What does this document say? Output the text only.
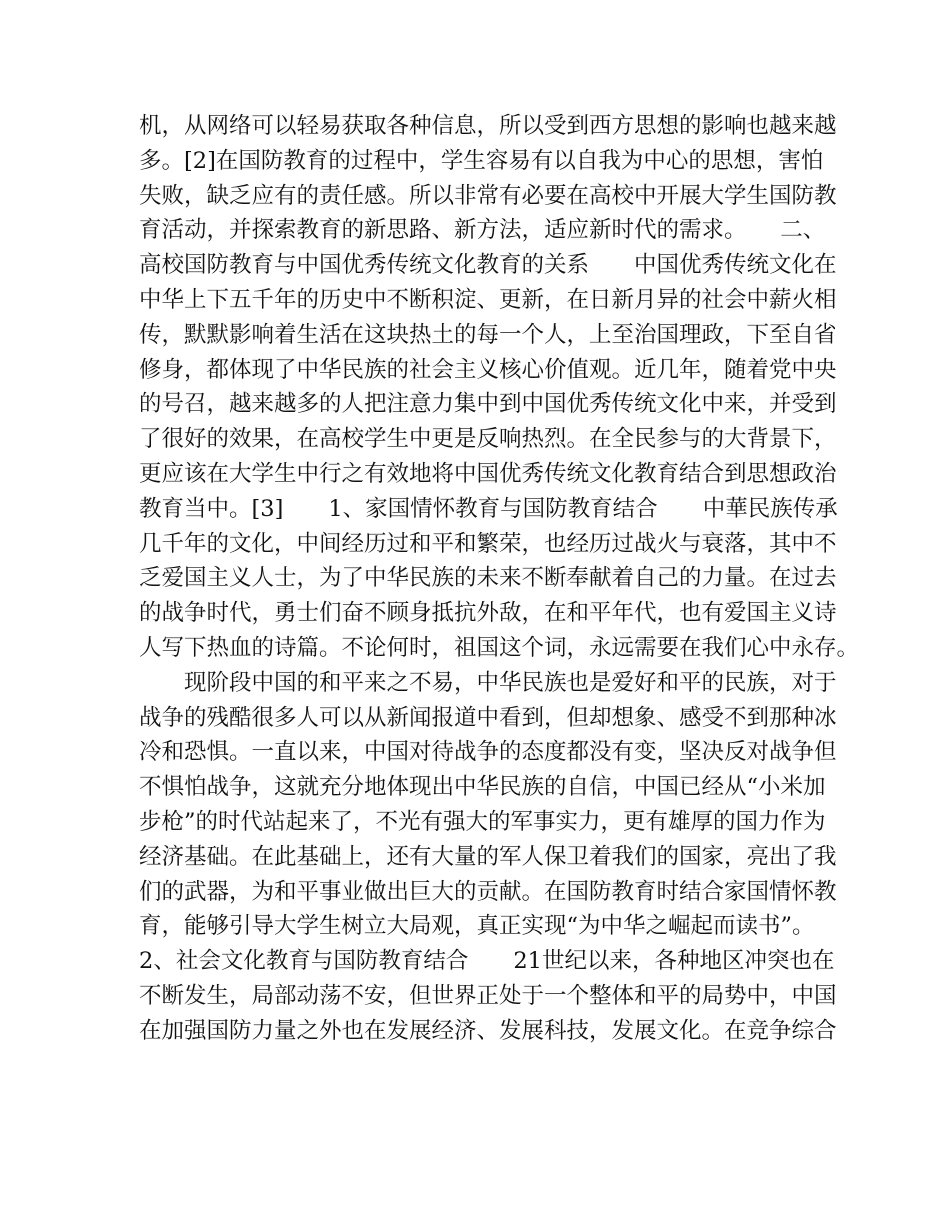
机，从网络可以轻易获取各种信息，所以受到西方思想的影响也越来越
多。[2]在国防教育的过程中，学生容易有以自我为中心的思想，害怕
失败，缺乏应有的责任感。所以非常有必要在高校中开展大学生国防教
育活动，并探索教育的新思路、新方法，适应新时代的需求。　　二、
高校国防教育与中国优秀传统文化教育的关系　　中国优秀传统文化在
中华上下五千年的历史中不断积淀、更新，在日新月异的社会中薪火相
传，默默影响着生活在这块热土的每一个人，上至治国理政，下至自省
修身，都体现了中华民族的社会主义核心价值观。近几年，随着党中央
的号召，越来越多的人把注意力集中到中国优秀传统文化中来，并受到
了很好的效果，在高校学生中更是反响热烈。在全民参与的大背景下，
更应该在大学生中行之有效地将中国优秀传统文化教育结合到思想政治
教育当中。[3]　　1、家国情怀教育与国防教育结合　　中華民族传承
几千年的文化，中间经历过和平和繁荣，也经历过战火与衰落，其中不
乏爱国主义人士，为了中华民族的未来不断奉献着自己的力量。在过去
的战争时代，勇士们奋不顾身抵抗外敌，在和平年代，也有爱国主义诗
人写下热血的诗篇。不论何时，祖国这个词，永远需要在我们心中永存。
　　现阶段中国的和平来之不易，中华民族也是爱好和平的民族，对于
战争的残酷很多人可以从新闻报道中看到，但却想象、感受不到那种冰
冷和恐惧。一直以来，中国对待战争的态度都没有变，坚决反对战争但
不惧怕战争，这就充分地体现出中华民族的自信，中国已经从“小米加
步枪”的时代站起来了，不光有强大的军事实力，更有雄厚的国力作为
经济基础。在此基础上，还有大量的军人保卫着我们的国家，亮出了我
们的武器，为和平事业做出巨大的贡献。在国防教育时结合家国情怀教
育，能够引导大学生树立大局观，真正实现“为中华之崛起而读书”。
2、社会文化教育与国防教育结合　　21世纪以来，各种地区冲突也在
不断发生，局部动荡不安，但世界正处于一个整体和平的局势中，中国
在加强国防力量之外也在发展经济、发展科技，发展文化。在竞争综合
